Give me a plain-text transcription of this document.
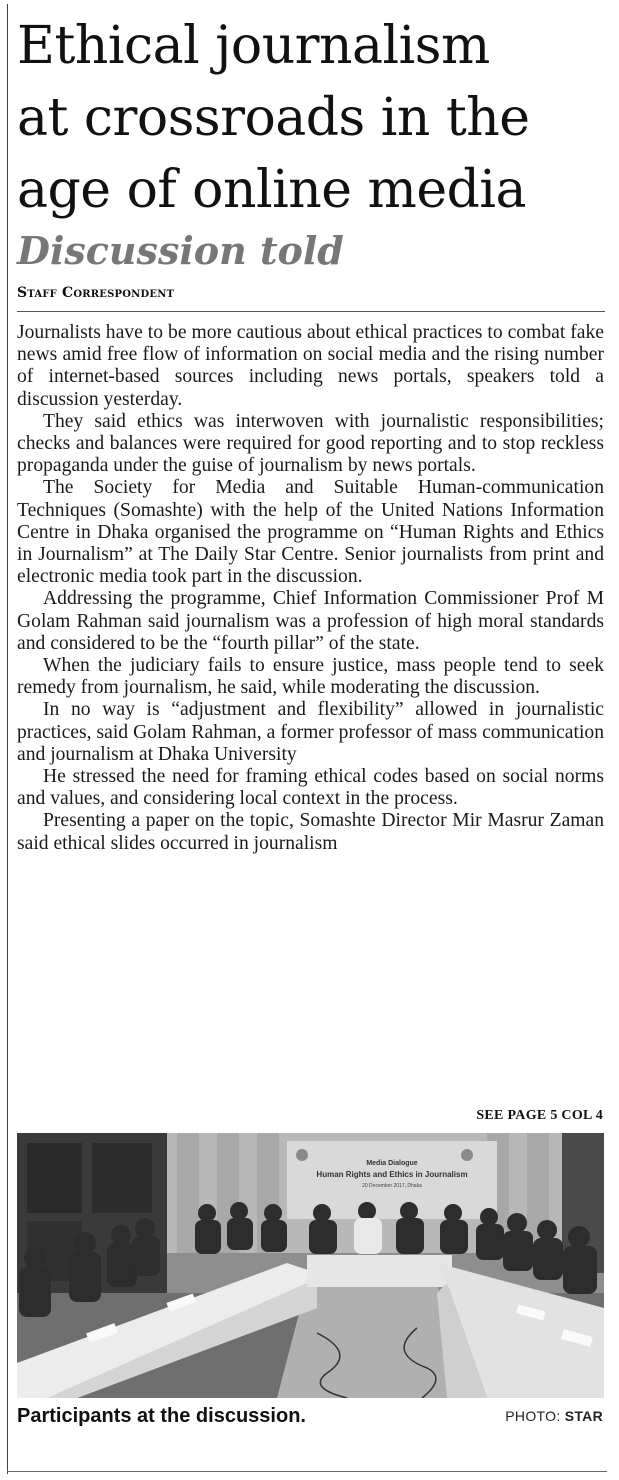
Ethical journalism
at crossroads in the
age of online media
Discussion told
Staff Correspondent

Journalists have to be more cautious about ethical practices to combat fake news amid free flow of information on social media and the rising number of internet-based sources including news portals, speakers told a discussion yesterday.

They said ethics was interwoven with journalistic responsibilities; checks and balances were required for good reporting and to stop reckless propaganda under the guise of journalism by news portals.

The Society for Media and Suitable Human-communication Techniques (Somashte) with the help of the United Nations Information Centre in Dhaka organised the programme on “Human Rights and Ethics in Journalism” at The Daily Star Centre. Senior journalists from print and electronic media took part in the discussion.

Addressing the programme, Chief Information Commissioner Prof M Golam Rahman said journalism was a profession of high moral standards and considered to be the “fourth pillar” of the state.

When the judiciary fails to ensure justice, mass people tend to seek remedy from journalism, he said, while moderating the discussion.

In no way is “adjustment and flexibility” allowed in journalistic practices, said Golam Rahman, a former professor of mass communication and journalism at Dhaka University

He stressed the need for framing ethical codes based on social norms and values, and considering local context in the process.

Presenting a paper on the topic, Somashte Director Mir Masrur Zaman said ethical slides occurred in journalism

SEE PAGE 5 COL 4
Media Dialogue
Human Rights and Ethics in Journalism
20 December 2017, Dhaka
Participants at the discussion.	PHOTO: STAR
